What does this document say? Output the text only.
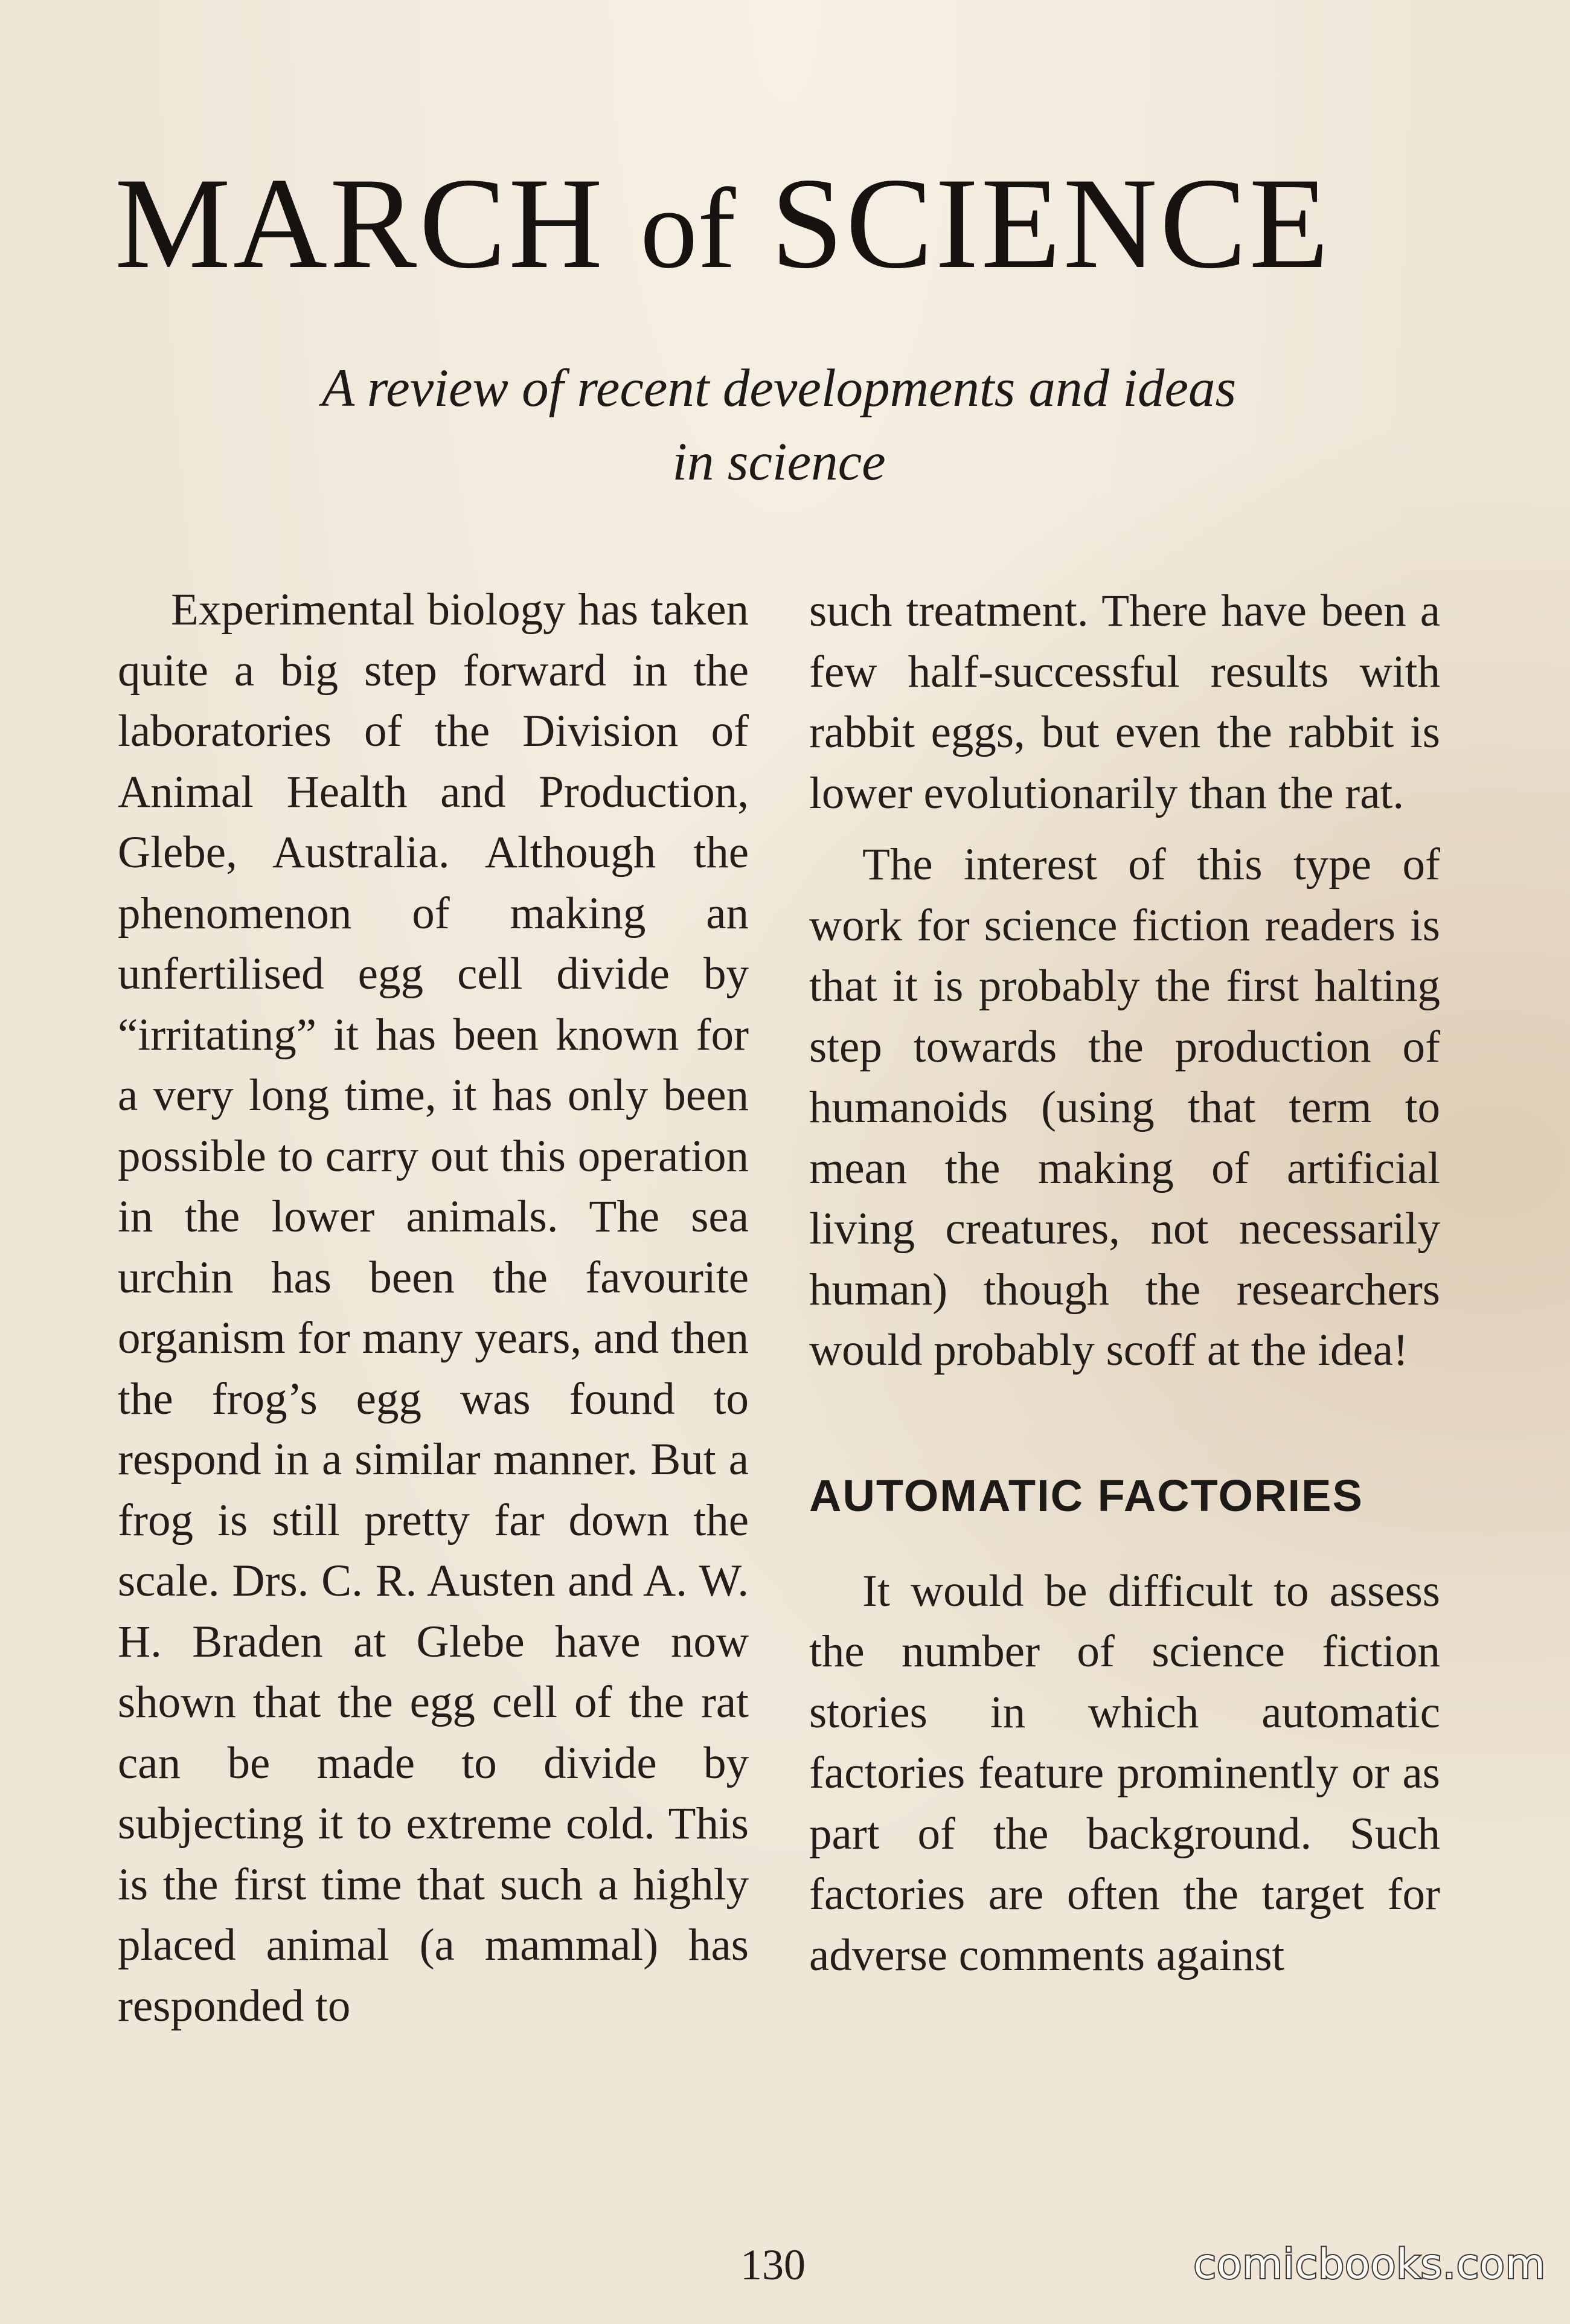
MARCH of SCIENCE
A review of recent developments and ideas
in science

Experimental biology has taken quite a big step forward in the laboratories of the Division of Animal Health and Production, Glebe, Australia. Although the phenomenon of making an unfertilised egg cell divide by “irritating” it has been known for a very long time, it has only been possible to carry out this operation in the lower animals. The sea urchin has been the favourite organism for many years, and then the frog’s egg was found to respond in a similar manner. But a frog is still pretty far down the scale. Drs. C. R. Austen and A. W. H. Braden at Glebe have now shown that the egg cell of the rat can be made to divide by subjecting it to extreme cold. This is the first time that such a highly placed animal (a mammal) has responded to

such treatment. There have been a few half-successful results with rabbit eggs, but even the rabbit is lower evolutionarily than the rat.

The interest of this type of work for science fiction readers is that it is probably the first halting step towards the production of humanoids (using that term to mean the making of artificial living creatures, not necessarily human) though the researchers would probably scoff at the idea!

AUTOMATIC FACTORIES

It would be difficult to assess the number of science fiction stories in which automatic factories feature prominently or as part of the background. Such factories are often the target for adverse comments against

130	comicbooks.com
